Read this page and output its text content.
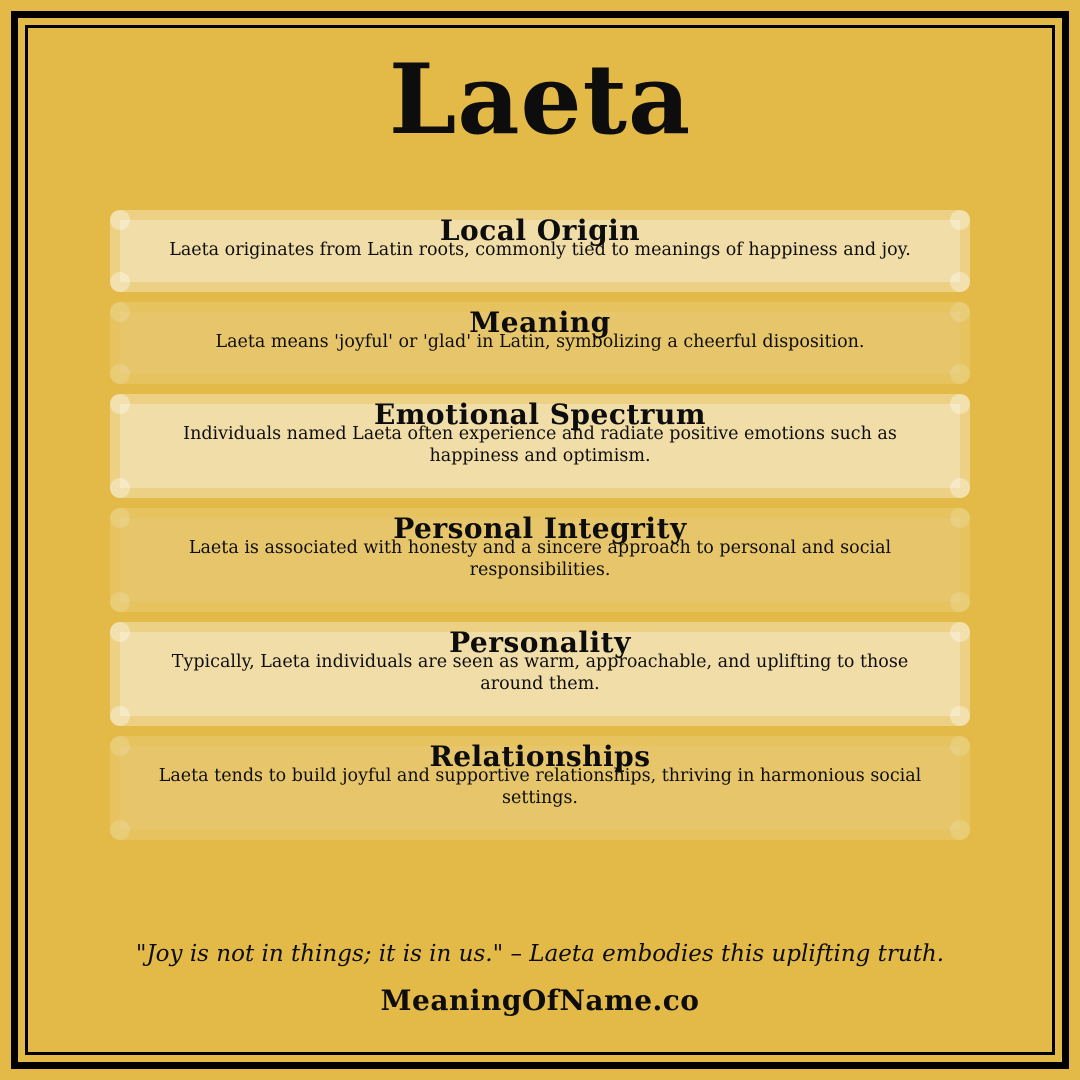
Laeta
Local Origin
Laeta originates from Latin roots, commonly tied to meanings of happiness and joy.
Meaning
Laeta means 'joyful' or 'glad' in Latin, symbolizing a cheerful disposition.
Emotional Spectrum
Individuals named Laeta often experience and radiate positive emotions such as happiness and optimism.
Personal Integrity
Laeta is associated with honesty and a sincere approach to personal and social responsibilities.
Personality
Typically, Laeta individuals are seen as warm, approachable, and uplifting to those around them.
Relationships
Laeta tends to build joyful and supportive relationships, thriving in harmonious social settings.
"Joy is not in things; it is in us." – Laeta embodies this uplifting truth.
MeaningOfName.co
